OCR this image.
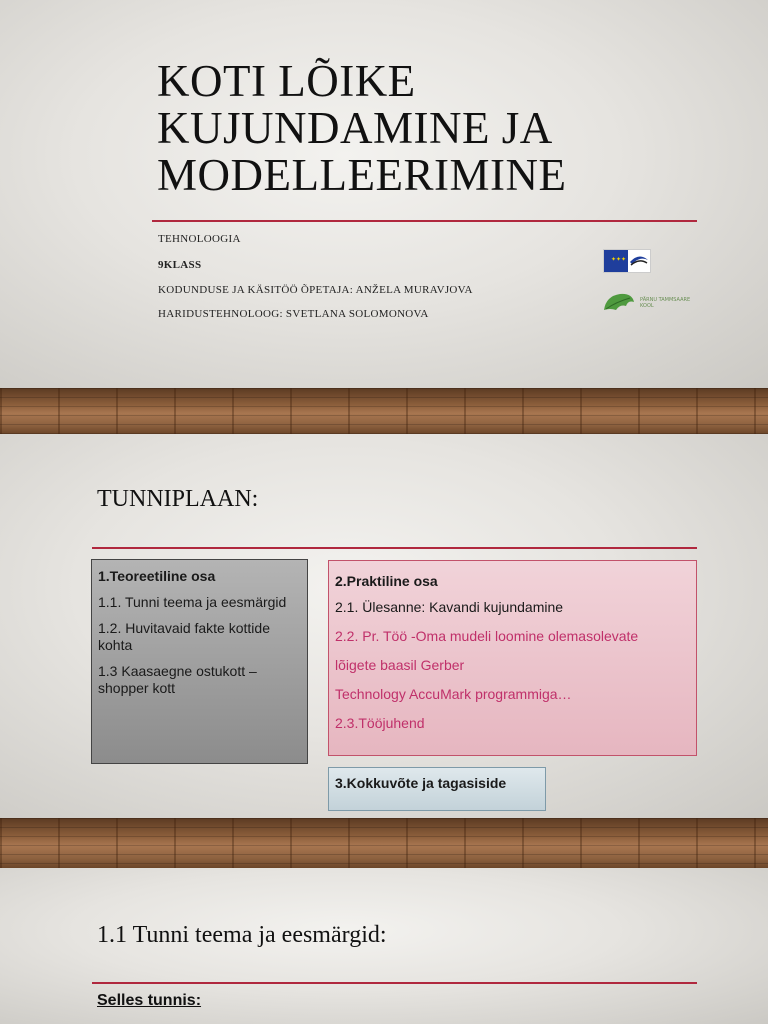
KOTI LÕIKE KUJUNDAMINE JA MODELLEERIMINE
TEHNOLOOGIA
9KLASS
KODUNDUSE JA KÄSITÖÖ ÕPETAJA: ANŽELA MURAVJOVA
HARIDUSTEHNOLOOG: SVETLANA SOLOMONOVA
✦✦✦
PÄRNU TAMMSAARE KOOL
TUNNIPLAAN:
1.Teoreetiline osa
1.1. Tunni teema ja eesmärgid
1.2. Huvitavaid fakte kottide kohta
1.3 Kaasaegne ostukott – shopper kott
2.Praktiline osa
2.1. Ülesanne: Kavandi kujundamine
2.2. Pr. Töö -Oma mudeli loomine olemasolevate
lõigete baasil Gerber
Technology AccuMark programmiga…
2.3.Tööjuhend
3.Kokkuvõte ja tagasiside
1.1 Tunni teema ja eesmärgid:
Selles tunnis:
